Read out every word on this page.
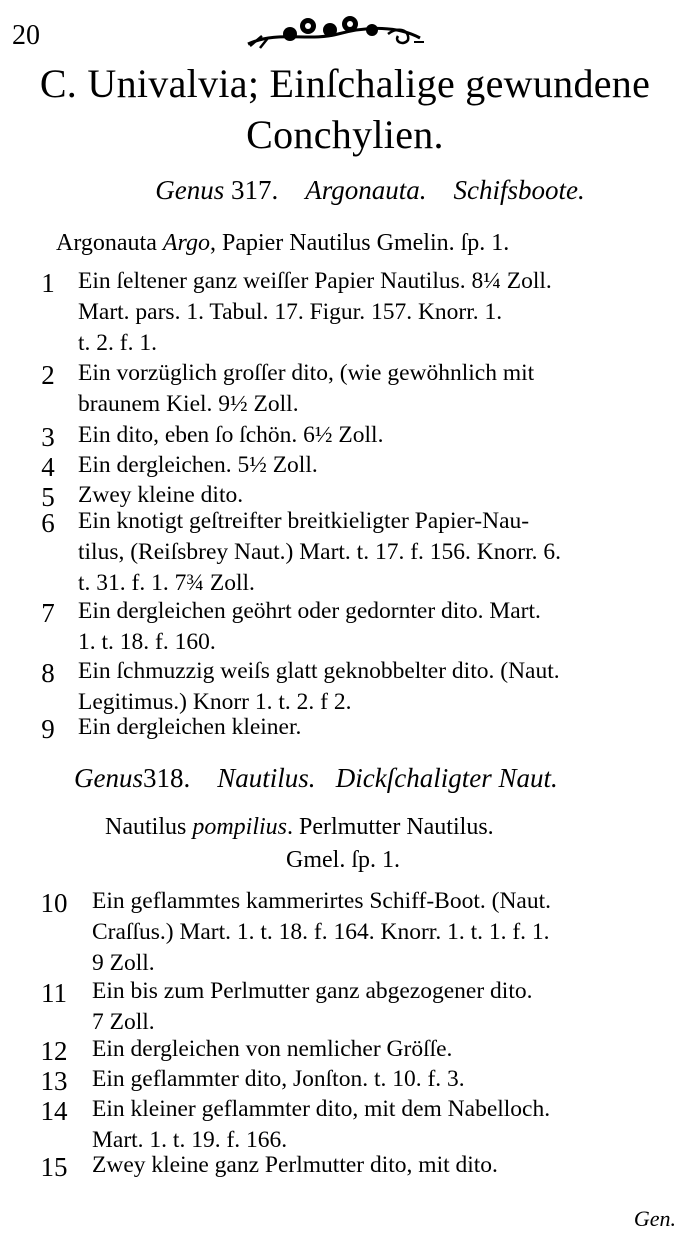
20
C. Univalvia; Einſchalige gewundene
Conchylien.
Genus 317. Argonauta. Schifsboote.
Argonauta Argo, Papier Nautilus Gmelin. ſp. 1.
1 Ein ſeltener ganz weiſſer Papier Nautilus. 8¼ Zoll.
Mart. pars. 1. Tabul. 17. Figur. 157. Knorr. 1.
t. 2. f. 1.
2 Ein vorzüglich groſſer dito, (wie gewöhnlich mit
braunem Kiel. 9½ Zoll.
3 Ein dito, eben ſo ſchön. 6½ Zoll.
4 Ein dergleichen. 5½ Zoll.
5 Zwey kleine dito.
6 Ein knotigt geſtreifter breitkieligter Papier-Nau-
tilus, (Reiſsbrey Naut.) Mart. t. 17. f. 156. Knorr. 6.
t. 31. f. 1. 7¾ Zoll.
7 Ein dergleichen geöhrt oder gedornter dito. Mart.
1. t. 18. f. 160.
8 Ein ſchmuzzig weiſs glatt geknobbelter dito. (Naut.
Legitimus.) Knorr 1. t. 2. f 2.
9 Ein dergleichen kleiner.
Genus318. Nautilus. Dickſchaligter Naut.
Nautilus pompilius. Perlmutter Nautilus.
Gmel. ſp. 1.
10	Ein geflammtes kammerirtes Schiff-Boot. (Naut.
Craſſus.) Mart. 1. t. 18. f. 164. Knorr. 1. t. 1. f. 1.
9 Zoll.
11	Ein bis zum Perlmutter ganz abgezogener dito.
7 Zoll.
12	Ein dergleichen von nemlicher Gröſſe.
13	Ein geflammter dito, Jonſton. t. 10. f. 3.
14	Ein kleiner geflammter dito, mit dem Nabelloch.
Mart. 1. t. 19. f. 166.
15	Zwey kleine ganz Perlmutter dito, mit dito.
Gen.
